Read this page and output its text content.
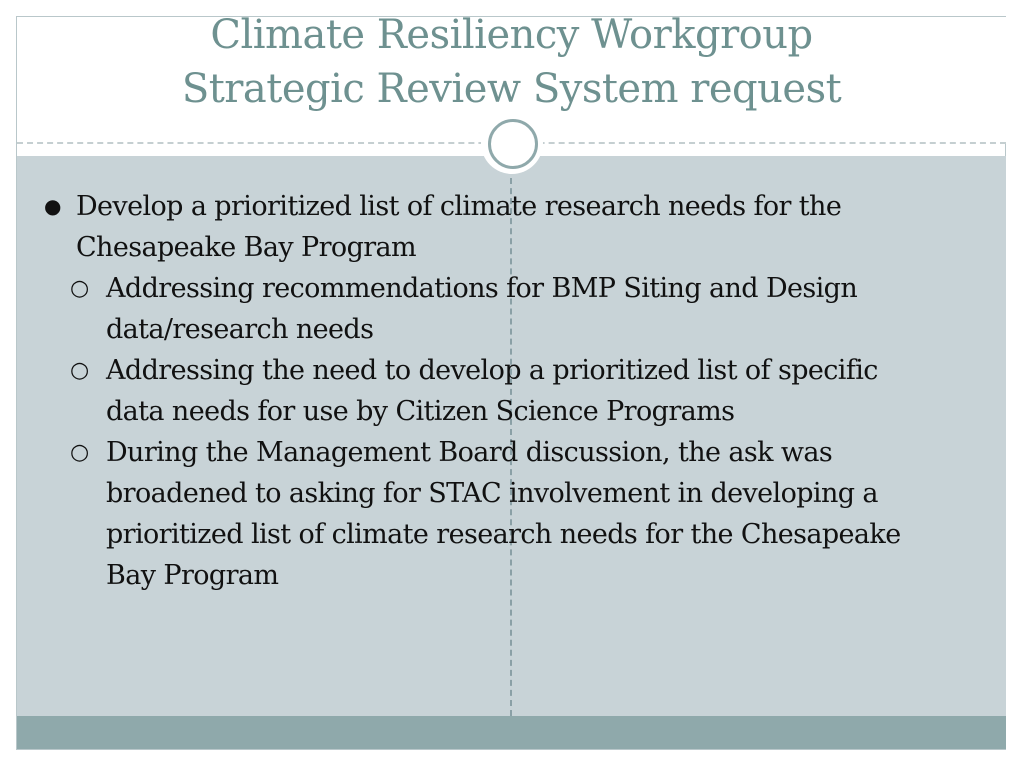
Climate Resiliency Workgroup
Strategic Review System request
● Develop a prioritized list of climate research needs for the Chesapeake Bay Program
○ Addressing recommendations for BMP Siting and Design data/research needs
○ Addressing the need to develop a prioritized list of specific data needs for use by Citizen Science Programs
○ During the Management Board discussion, the ask was broadened to asking for STAC involvement in developing a prioritized list of climate research needs for the Chesapeake Bay Program
